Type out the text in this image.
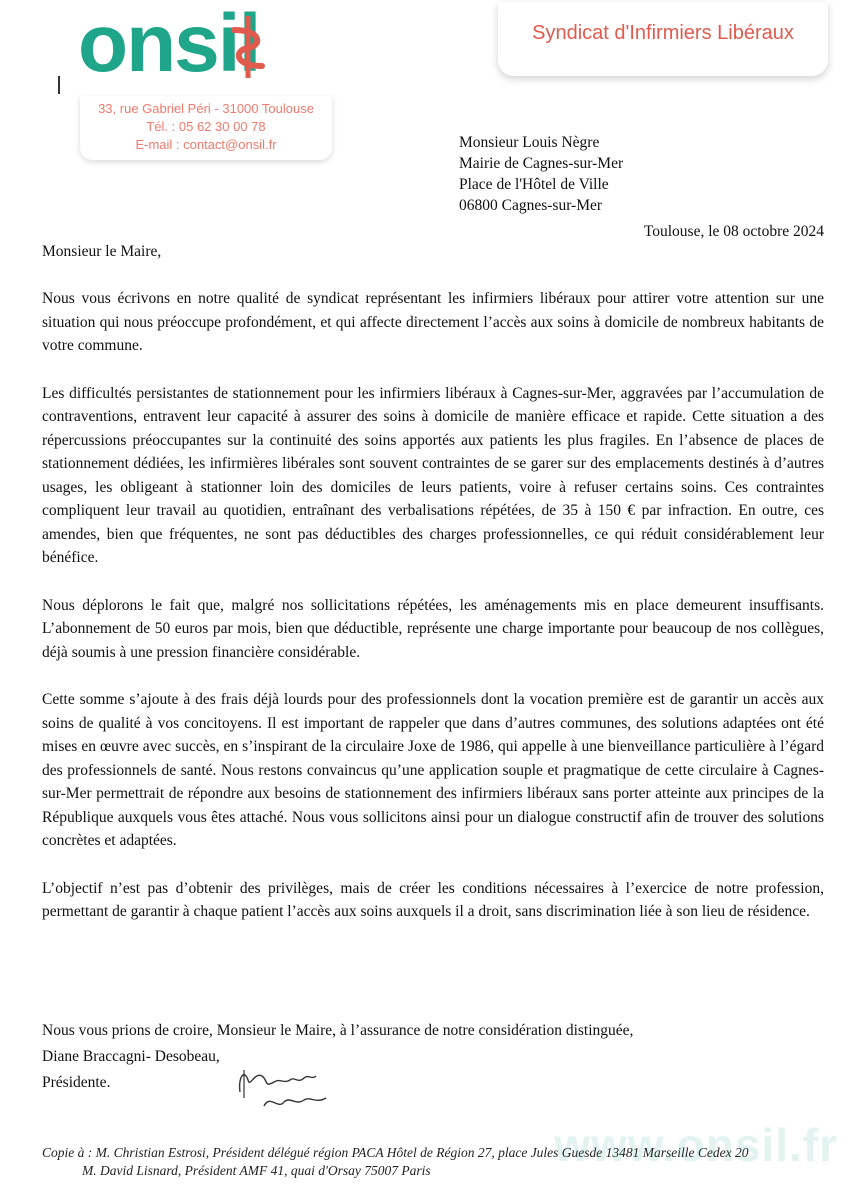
onsil	Syndicat d'Infirmiers Libéraux
33, rue Gabriel Péri - 31000 Toulouse
Tél. : 05 62 30 00 78
E-mail : contact@onsil.fr	Monsieur Louis Nègre
Mairie de Cagnes-sur-Mer
Place de l'Hôtel de Ville
06800 Cagnes-sur-Mer
Toulouse, le 08 octobre 2024
Monsieur le Maire,

Nous vous écrivons en notre qualité de syndicat représentant les infirmiers libéraux pour attirer votre attention sur une situation qui nous préoccupe profondément, et qui affecte directement l’accès aux soins à domicile de nombreux habitants de votre commune.

Les difficultés persistantes de stationnement pour les infirmiers libéraux à Cagnes-sur-Mer, aggravées par l’accumulation de contraventions, entravent leur capacité à assurer des soins à domicile de manière efficace et rapide. Cette situation a des répercussions préoccupantes sur la continuité des soins apportés aux patients les plus fragiles. En l’absence de places de stationnement dédiées, les infirmières libérales sont souvent contraintes de se garer sur des emplacements destinés à d’autres usages, les obligeant à stationner loin des domiciles de leurs patients, voire à refuser certains soins. Ces contraintes compliquent leur travail au quotidien, entraînant des verbalisations répétées, de 35 à 150 € par infraction. En outre, ces amendes, bien que fréquentes, ne sont pas déductibles des charges professionnelles, ce qui réduit considérablement leur bénéfice.

Nous déplorons le fait que, malgré nos sollicitations répétées, les aménagements mis en place demeurent insuffisants. L’abonnement de 50 euros par mois, bien que déductible, représente une charge importante pour beaucoup de nos collègues, déjà soumis à une pression financière considérable.

Cette somme s’ajoute à des frais déjà lourds pour des professionnels dont la vocation première est de garantir un accès aux soins de qualité à vos concitoyens. Il est important de rappeler que dans d’autres communes, des solutions adaptées ont été mises en œuvre avec succès, en s’inspirant de la circulaire Joxe de 1986, qui appelle à une bienveillance particulière à l’égard des professionnels de santé. Nous restons convaincus qu’une application souple et pragmatique de cette circulaire à Cagnes-sur-Mer permettrait de répondre aux besoins de stationnement des infirmiers libéraux sans porter atteinte aux principes de la République auxquels vous êtes attaché. Nous vous sollicitons ainsi pour un dialogue constructif afin de trouver des solutions concrètes et adaptées.

L’objectif n’est pas d’obtenir des privilèges, mais de créer les conditions nécessaires à l’exercice de notre profession, permettant de garantir à chaque patient l’accès aux soins auxquels il a droit, sans discrimination liée à son lieu de résidence.

Nous vous prions de croire, Monsieur le Maire, à l’assurance de notre considération distinguée,
Diane Braccagni- Desobeau,
Présidente.
Copie à : M. Christian Estrosi, Président délégué région PACA Hôtel de Région 27, place Jules Guesde 13481 Marseille Cedex 20
M. David Lisnard, Président AMF 41, quai d'Orsay 75007 Paris	www.onsil.fr
